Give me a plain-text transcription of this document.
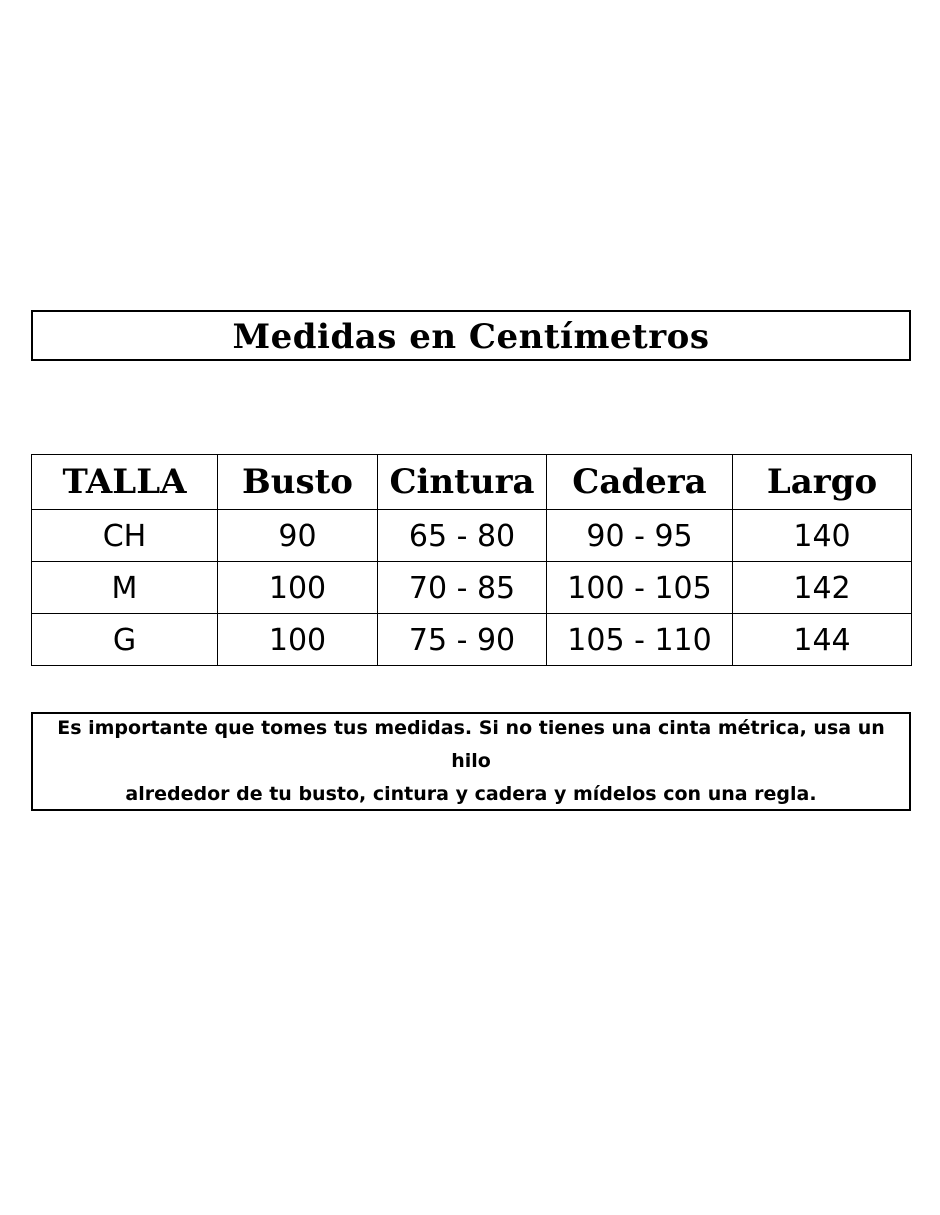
Medidas en Centímetros
TALLA	Busto	Cintura	Cadera	Largo
CH	90	65 - 80	90 - 95	140
M	100	70 - 85	100 - 105	142
G	100	75 - 90	105 - 110	144
Es importante que tomes tus medidas. Si no tienes una cinta métrica, usa un hilo
alrededor de tu busto, cintura y cadera y mídelos con una regla.
